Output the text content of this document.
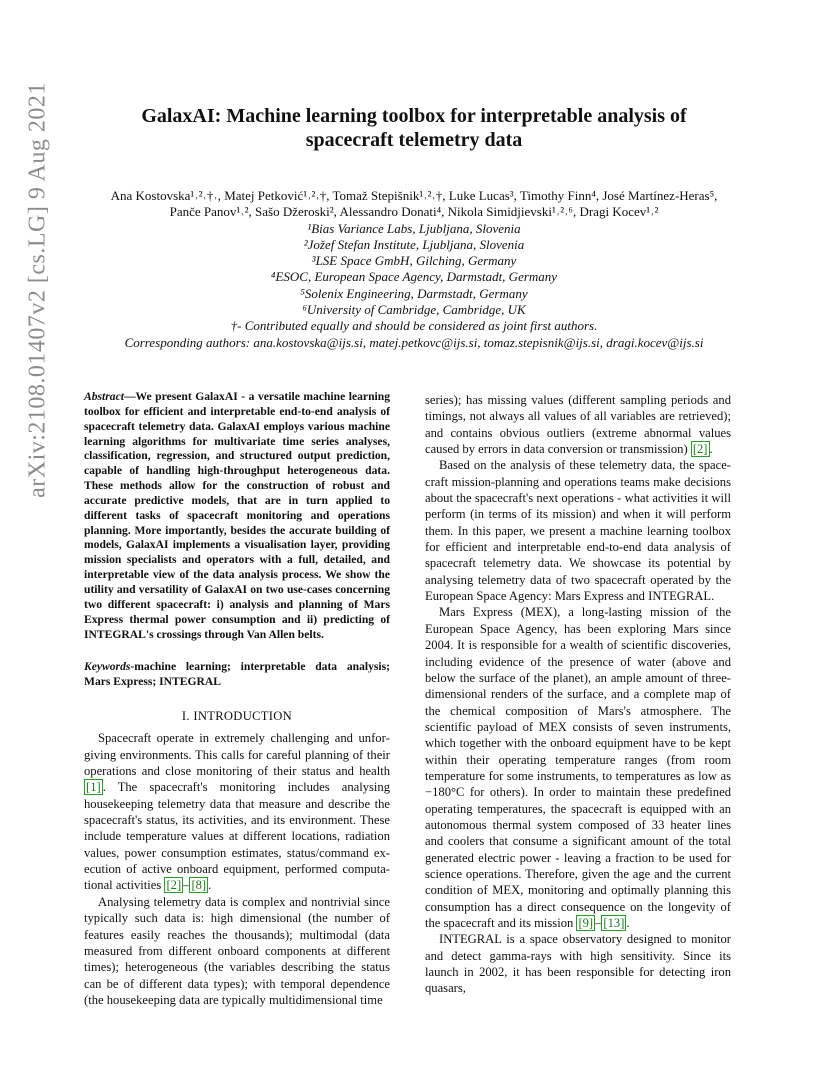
arXiv:2108.01407v2 [cs.LG] 9 Aug 2021	GalaxAI: Machine learning toolbox for interpretable analysis of
spacecraft telemetry data
Ana Kostovska¹˒²˒†˒, Matej Petković¹˒²˒†, Tomaž Stepišnik¹˒²˒†, Luke Lucas³, Timothy Finn⁴, José Martínez-Heras⁵,
Panče Panov¹˒², Sašo Džeroski², Alessandro Donati⁴, Nikola Simidjievski¹˒²˒⁶, Dragi Kocev¹˒²
¹Bias Variance Labs, Ljubljana, Slovenia
²Jožef Stefan Institute, Ljubljana, Slovenia
³LSE Space GmbH, Gilching, Germany
⁴ESOC, European Space Agency, Darmstadt, Germany
⁵Solenix Engineering, Darmstadt, Germany
⁶University of Cambridge, Cambridge, UK
†- Contributed equally and should be considered as joint first authors.
Corresponding authors: ana.kostovska@ijs.si, matej.petkovc@ijs.si, tomaz.stepisnik@ijs.si, dragi.kocev@ijs.si
Abstract—We present GalaxAI - a versatile machine learning toolbox for efficient and interpretable end-to-end analysis of spacecraft telemetry data. GalaxAI employs various machine learning algorithms for multivariate time series analyses, classification, regression, and structured output prediction, capable of handling high-throughput heterogeneous data. These methods allow for the construction of robust and accurate predictive models, that are in turn applied to different tasks of spacecraft monitoring and operations planning. More importantly, besides the accurate building of models, GalaxAI implements a visualisation layer, providing mission specialists and operators with a full, detailed, and interpretable view of the data analysis process. We show the utility and versatility of GalaxAI on two use-cases concerning two different spacecraft: i) analysis and planning of Mars Express thermal power consumption and ii) predicting of INTEGRAL's crossings through Van Allen belts.
Keywords-machine learning; interpretable data analysis; Mars Express; INTEGRAL
I. INTRODUCTION

Spacecraft operate in extremely challenging and unforgiving environments. This calls for careful planning of their operations and close monitoring of their status and health [1] . The spacecraft's monitoring includes analysing housekeeping telemetry data that measure and describe the spacecraft's status, its activities, and its environment. These include temperature values at different locations, radiation values, power consumption estimates, status/command execution of active onboard equipment, performed computational activities [2] – [8] .

Analysing telemetry data is complex and nontrivial since typically such data is: high dimensional (the number of features easily reaches the thousands); multimodal (data measured from different onboard components at different times); heterogeneous (the variables describing the status can be of different data types); with temporal dependence (the housekeeping data are typically multidimensional time

series); has missing values (different sampling periods and timings, not always all values of all variables are retrieved); and contains obvious outliers (extreme abnormal values caused by errors in data conversion or transmission) [2] .

Based on the analysis of these telemetry data, the spacecraft mission-planning and operations teams make decisions about the spacecraft's next operations - what activities it will perform (in terms of its mission) and when it will perform them. In this paper, we present a machine learning toolbox for efficient and interpretable end-to-end data analysis of spacecraft telemetry data. We showcase its potential by analysing telemetry data of two spacecraft operated by the European Space Agency: Mars Express and INTEGRAL.

Mars Express (MEX), a long-lasting mission of the European Space Agency, has been exploring Mars since 2004. It is responsible for a wealth of scientific discoveries, including evidence of the presence of water (above and below the surface of the planet), an ample amount of three-dimensional renders of the surface, and a complete map of the chemical composition of Mars's atmosphere. The scientific payload of MEX consists of seven instruments, which together with the onboard equipment have to be kept within their operating temperature ranges (from room temperature for some instruments, to temperatures as low as −180°C for others). In order to maintain these predefined operating temperatures, the spacecraft is equipped with an autonomous thermal system composed of 33 heater lines and coolers that consume a significant amount of the total generated electric power - leaving a fraction to be used for science operations. Therefore, given the age and the current condition of MEX, monitoring and optimally planning this consumption has a direct consequence on the longevity of the spacecraft and its mission [9] – [13] .

INTEGRAL is a space observatory designed to monitor and detect gamma-rays with high sensitivity. Since its launch in 2002, it has been responsible for detecting iron quasars,
